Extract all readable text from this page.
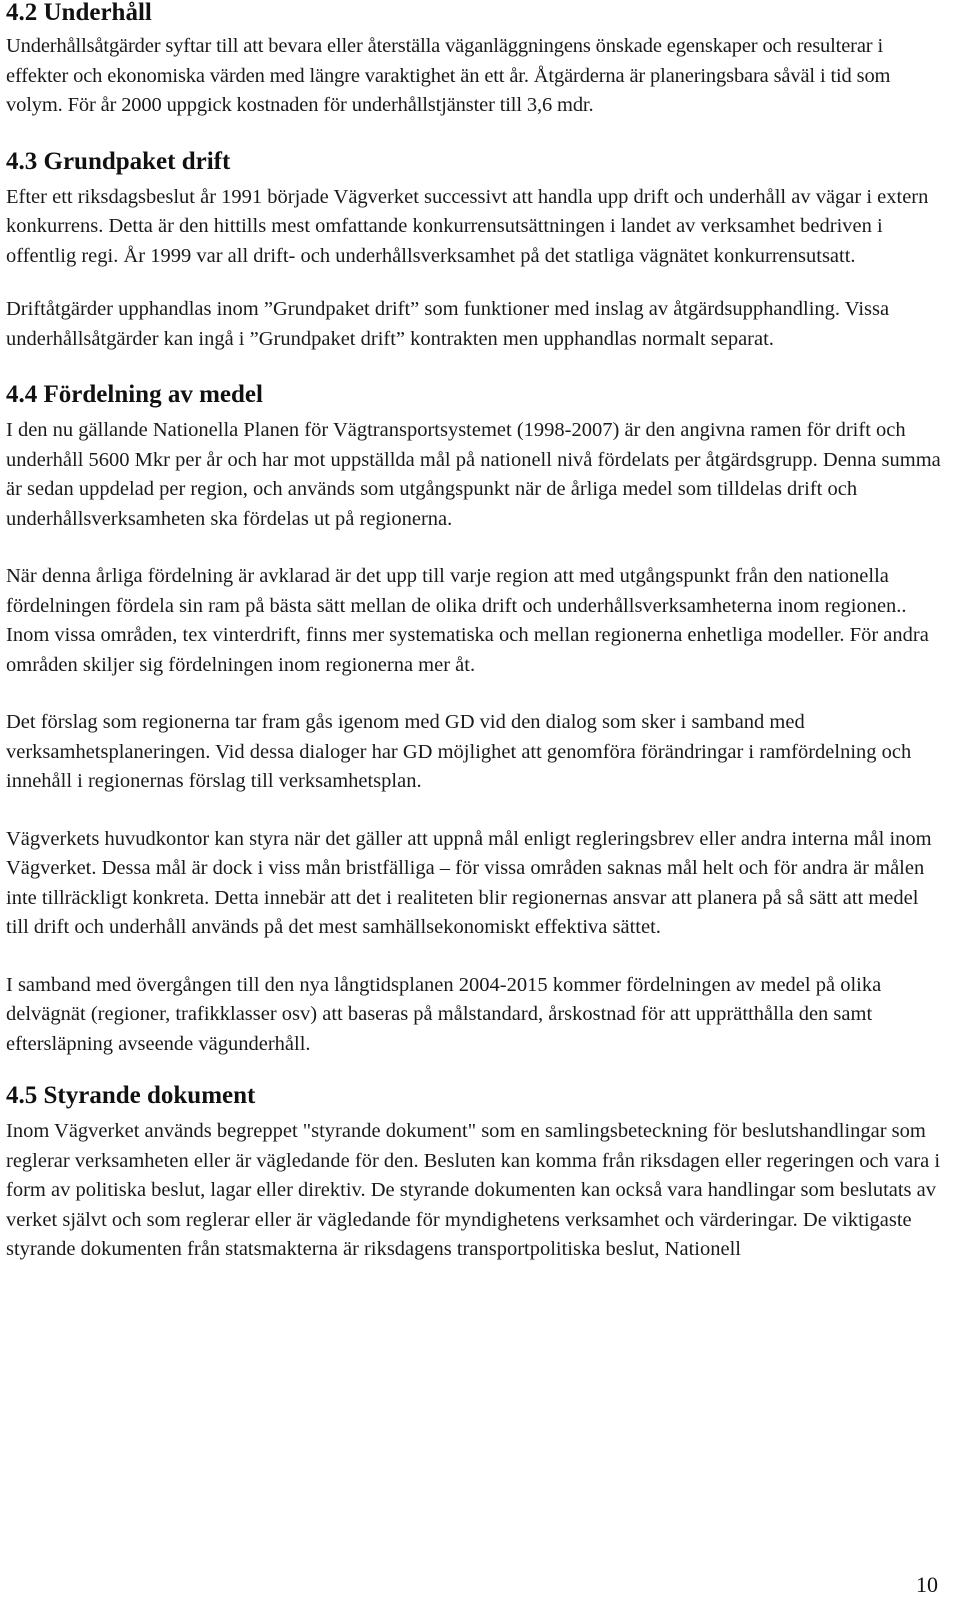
4.2 Underhåll

Underhållsåtgärder syftar till att bevara eller återställa väganläggningens önskade egenskaper och resulterar i effekter och ekonomiska värden med längre varaktighet än ett år. Åtgärderna är planeringsbara såväl i tid som volym. För år 2000 uppgick kostnaden för underhållstjänster till 3,6 mdr.

4.3 Grundpaket drift

Efter ett riksdagsbeslut år 1991 började Vägverket successivt att handla upp drift och underhåll av vägar i extern konkurrens. Detta är den hittills mest omfattande konkurrensutsättningen i landet av verksamhet bedriven i offentlig regi. År 1999 var all drift- och underhållsverksamhet på det statliga vägnätet konkurrensutsatt.

Driftåtgärder upphandlas inom ”Grundpaket drift” som funktioner med inslag av åtgärdsupphandling. Vissa underhållsåtgärder kan ingå i ”Grundpaket drift” kontrakten men upphandlas normalt separat.

4.4 Fördelning av medel

I den nu gällande Nationella Planen för Vägtransportsystemet (1998-2007) är den angivna ramen för drift och underhåll 5600 Mkr per år och har mot uppställda mål på nationell nivå fördelats per åtgärdsgrupp. Denna summa är sedan uppdelad per region, och används som utgångspunkt när de årliga medel som tilldelas drift och underhållsverksamheten ska fördelas ut på regionerna.

När denna årliga fördelning är avklarad är det upp till varje region att med utgångspunkt från den nationella fördelningen fördela sin ram på bästa sätt mellan de olika drift och underhållsverksamheterna inom regionen.. Inom vissa områden, tex vinterdrift, finns mer systematiska och mellan regionerna enhetliga modeller. För andra områden skiljer sig fördelningen inom regionerna mer åt.

Det förslag som regionerna tar fram gås igenom med GD vid den dialog som sker i samband med verksamhetsplaneringen. Vid dessa dialoger har GD möjlighet att genomföra förändringar i ramfördelning och innehåll i regionernas förslag till verksamhetsplan.

Vägverkets huvudkontor kan styra när det gäller att uppnå mål enligt regleringsbrev eller andra interna mål inom Vägverket. Dessa mål är dock i viss mån bristfälliga – för vissa områden saknas mål helt och för andra är målen inte tillräckligt konkreta. Detta innebär att det i realiteten blir regionernas ansvar att planera på så sätt att medel till drift och underhåll används på det mest samhällsekonomiskt effektiva sättet.

I samband med övergången till den nya långtidsplanen 2004-2015 kommer fördelningen av medel på olika delvägnät (regioner, trafikklasser osv) att baseras på målstandard, årskostnad för att upprätthålla den samt eftersläpning avseende vägunderhåll.

4.5 Styrande dokument

Inom Vägverket används begreppet "styrande dokument" som en samlingsbeteckning för beslutshandlingar som reglerar verksamheten eller är vägledande för den. Besluten kan komma från riksdagen eller regeringen och vara i form av politiska beslut, lagar eller direktiv. De styrande dokumenten kan också vara handlingar som beslutats av verket självt och som reglerar eller är vägledande för myndighetens verksamhet och värderingar. De viktigaste styrande dokumenten från statsmakterna är riksdagens transportpolitiska beslut, Nationell

10
